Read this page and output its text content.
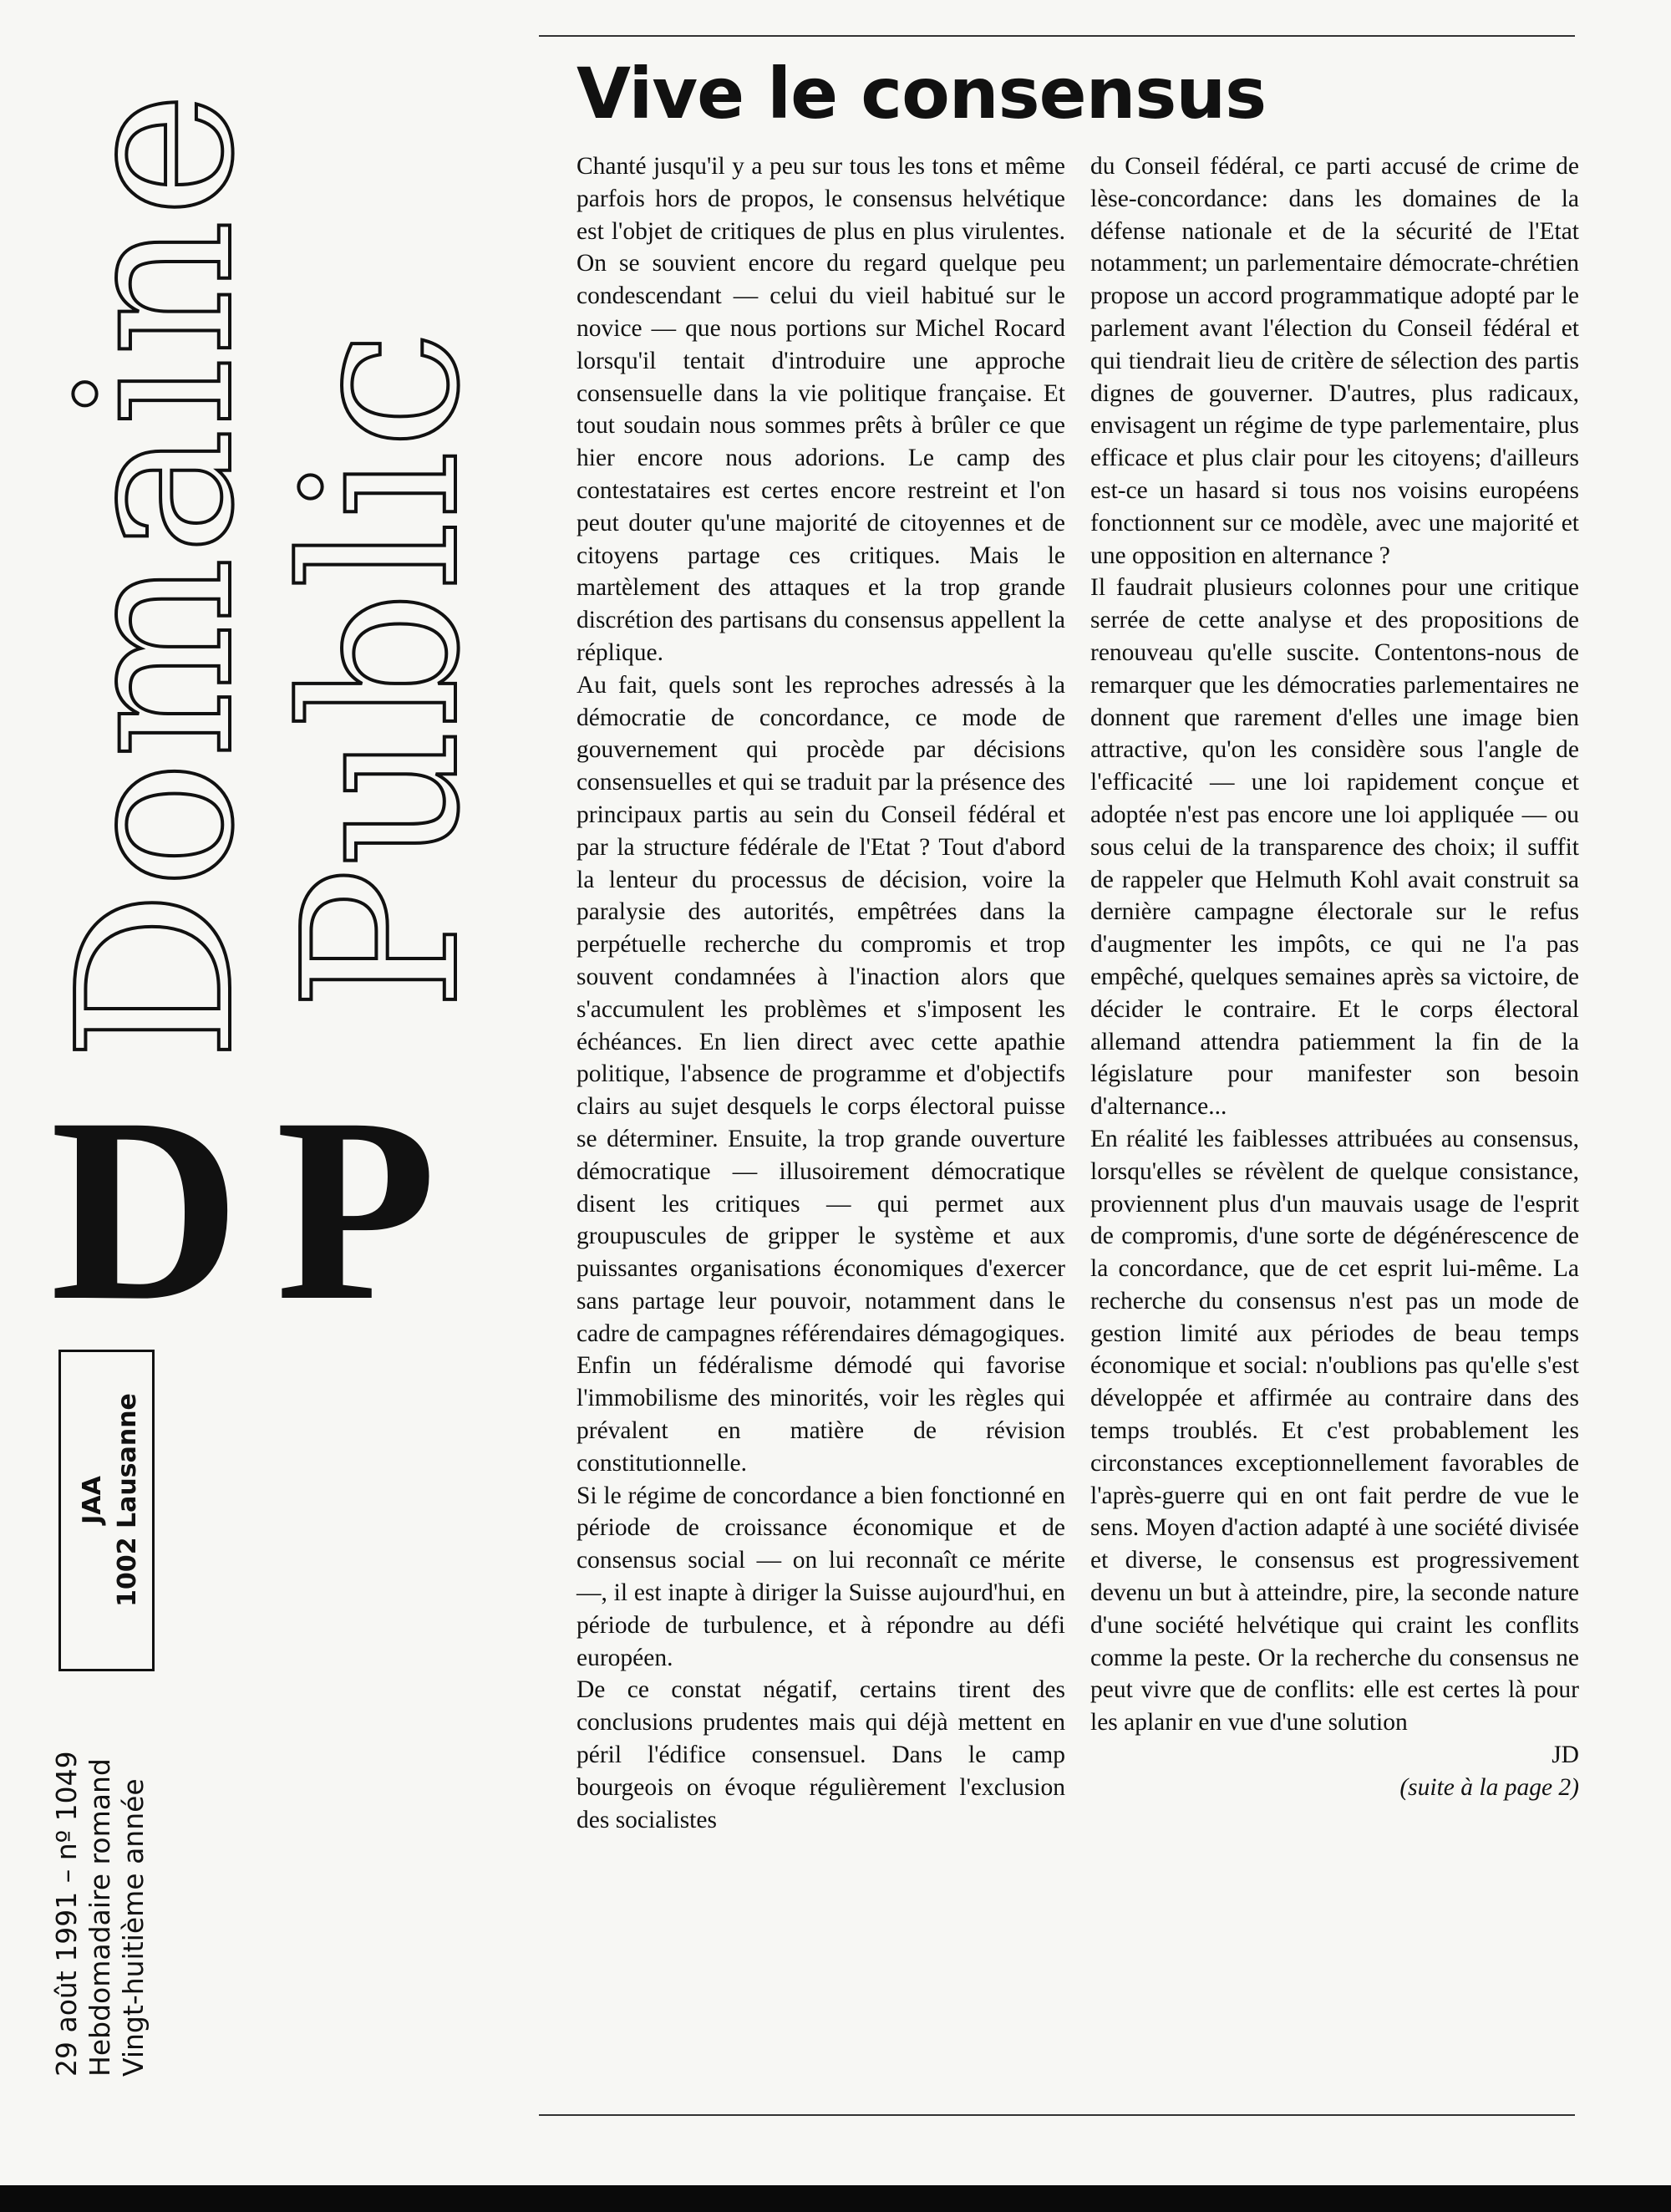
Domaine
Public
D P
JAA 1002 Lausanne
29 août 1991 – nº 1049 Hebdomadaire romand Vingt-huitième année
Vive le consensus

Chanté jusqu'il y a peu sur tous les tons et même parfois hors de propos, le consensus helvétique est l'objet de critiques de plus en plus virulentes. On se souvient encore du regard quelque peu condescendant — celui du vieil habitué sur le novice — que nous portions sur Michel Rocard lorsqu'il tentait d'introduire une approche consensuelle dans la vie politique française. Et tout soudain nous sommes prêts à brûler ce que hier encore nous adorions. Le camp des contestataires est certes encore restreint et l'on peut douter qu'une majorité de citoyennes et de citoyens partage ces critiques. Mais le martèlement des attaques et la trop grande discrétion des partisans du consensus appellent la réplique.

Au fait, quels sont les reproches adressés à la démocratie de concordance, ce mode de gouvernement qui procède par décisions consensuelles et qui se traduit par la présence des principaux partis au sein du Conseil fédéral et par la structure fédérale de l'Etat ? Tout d'abord la lenteur du processus de décision, voire la paralysie des autorités, empêtrées dans la perpétuelle recherche du compromis et trop souvent condamnées à l'inaction alors que s'accumulent les problèmes et s'imposent les échéances. En lien direct avec cette apathie politique, l'absence de programme et d'objectifs clairs au sujet desquels le corps électoral puisse se déterminer. Ensuite, la trop grande ouverture démocratique — illusoirement démocratique disent les critiques — qui permet aux groupuscules de gripper le système et aux puissantes organisations économiques d'exercer sans partage leur pouvoir, notamment dans le cadre de campagnes référendaires démagogiques. Enfin un fédéralisme démodé qui favorise l'immobilisme des minorités, voir les règles qui prévalent en matière de révision constitutionnelle.

Si le régime de concordance a bien fonctionné en période de croissance économique et de consensus social — on lui reconnaît ce mérite —, il est inapte à diriger la Suisse aujourd'hui, en période de turbulence, et à répondre au défi européen.

De ce constat négatif, certains tirent des conclusions prudentes mais qui déjà mettent en péril l'édifice consensuel. Dans le camp bourgeois on évoque régulièrement l'exclusion des socialistes

du Conseil fédéral, ce parti accusé de crime de lèse-concordance: dans les domaines de la défense nationale et de la sécurité de l'Etat notamment; un parlementaire démocrate-chrétien propose un accord programmatique adopté par le parlement avant l'élection du Conseil fédéral et qui tiendrait lieu de critère de sélection des partis dignes de gouverner. D'autres, plus radicaux, envisagent un régime de type parlementaire, plus efficace et plus clair pour les citoyens; d'ailleurs est-ce un hasard si tous nos voisins européens fonctionnent sur ce modèle, avec une majorité et une opposition en alternance ?

Il faudrait plusieurs colonnes pour une critique serrée de cette analyse et des propositions de renouveau qu'elle suscite. Contentons-nous de remarquer que les démocraties parlementaires ne donnent que rarement d'elles une image bien attractive, qu'on les considère sous l'angle de l'efficacité — une loi rapidement conçue et adoptée n'est pas encore une loi appliquée — ou sous celui de la transparence des choix; il suffit de rappeler que Helmuth Kohl avait construit sa dernière campagne électorale sur le refus d'augmenter les impôts, ce qui ne l'a pas empêché, quelques semaines après sa victoire, de décider le contraire. Et le corps électoral allemand attendra patiemment la fin de la législature pour manifester son besoin d'alternance...

En réalité les faiblesses attribuées au consensus, lorsqu'elles se révèlent de quelque consistance, proviennent plus d'un mauvais usage de l'esprit de compromis, d'une sorte de dégénérescence de la concordance, que de cet esprit lui-même. La recherche du consensus n'est pas un mode de gestion limité aux périodes de beau temps économique et social: n'oublions pas qu'elle s'est développée et affirmée au contraire dans des temps troublés. Et c'est probablement les circonstances exceptionnellement favorables de l'après-guerre qui en ont fait perdre de vue le sens. Moyen d'action adapté à une société divisée et diverse, le consensus est progressivement devenu un but à atteindre, pire, la seconde nature d'une société helvétique qui craint les conflits comme la peste. Or la recherche du consensus ne peut vivre que de conflits: elle est certes là pour les aplanir en vue d'une solution

JD

(suite à la page 2)
